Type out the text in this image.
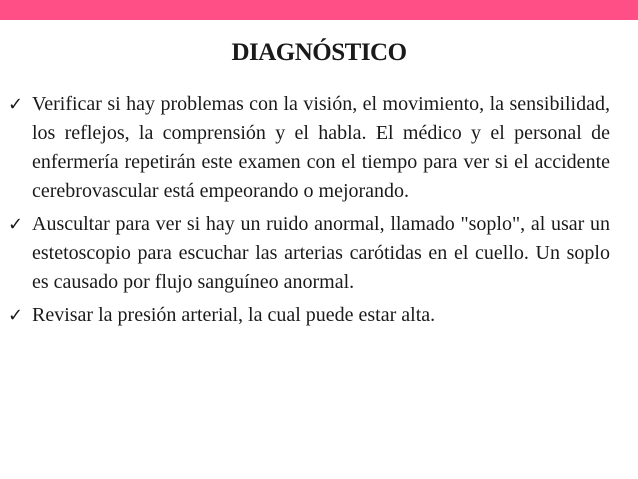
DIAGNÓSTICO
✓ Verificar si hay problemas con la visión, el movimiento, la sensibilidad, los reflejos, la comprensión y el habla. El médico y el personal de enfermería repetirán este examen con el tiempo para ver si el accidente cerebrovascular está empeorando o mejorando.
✓ Auscultar para ver si hay un ruido anormal, llamado "soplo", al usar un estetoscopio para escuchar las arterias carótidas en el cuello. Un soplo es causado por flujo sanguíneo anormal.
✓ Revisar la presión arterial, la cual puede estar alta.
